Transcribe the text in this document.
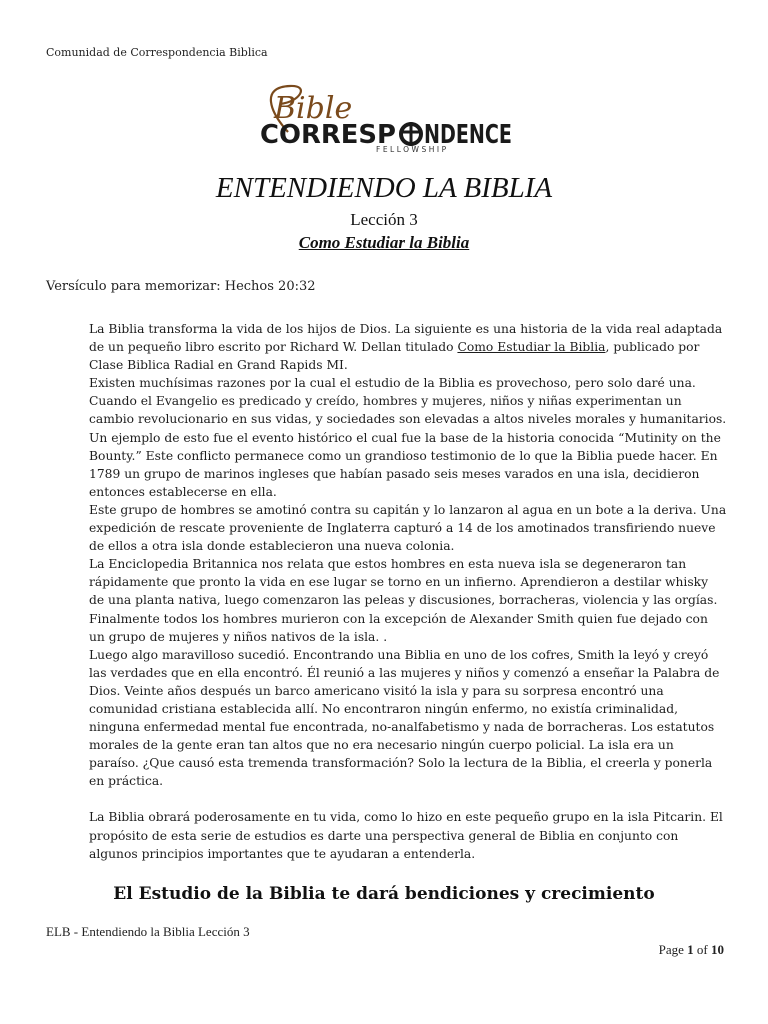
Comunidad de Correspondencia Biblica
Bible
CORRESP NDENCE
FELLOWSHIP
ENTENDIENDO LA BIBLIA
Lección 3
Como Estudiar la Biblia
Versículo para memorizar: Hechos 20:32

La Biblia transforma la vida de los hijos de Dios. La siguiente es una historia de la vida real adaptada de un pequeño libro escrito por Richard W. Dellan titulado Como Estudiar la Biblia, publicado por Clase Biblica Radial en Grand Rapids MI.

Existen muchísimas razones por la cual el estudio de la Biblia es provechoso, pero solo daré una. Cuando el Evangelio es predicado y creído, hombres y mujeres, niños y niñas experimentan un cambio revolucionario en sus vidas, y sociedades son elevadas a altos niveles morales y humanitarios. Un ejemplo de esto fue el evento histórico el cual fue la base de la historia conocida “Mutinity on the Bounty.” Este conflicto permanece como un grandioso testimonio de lo que la Biblia puede hacer. En 1789 un grupo de marinos ingleses que habían pasado seis meses varados en una isla, decidieron entonces establecerse en ella.

Este grupo de hombres se amotinó contra su capitán y lo lanzaron al agua en un bote a la deriva. Una expedición de rescate proveniente de Inglaterra capturó a 14 de los amotinados transfiriendo nueve de ellos a otra isla donde establecieron una nueva colonia.

La Enciclopedia Britannica nos relata que estos hombres en esta nueva isla se degeneraron tan rápidamente que pronto la vida en ese lugar se torno en un infierno. Aprendieron a destilar whisky de una planta nativa, luego comenzaron las peleas y discusiones, borracheras, violencia y las orgías. Finalmente todos los hombres murieron con la excepción de Alexander Smith quien fue dejado con un grupo de mujeres y niños nativos de la isla. .

Luego algo maravilloso sucedió. Encontrando una Biblia en uno de los cofres, Smith la leyó y creyó las verdades que en ella encontró. Él reunió a las mujeres y niños y comenzó a enseñar la Palabra de Dios. Veinte años después un barco americano visitó la isla y para su sorpresa encontró una comunidad cristiana establecida allí. No encontraron ningún enfermo, no existía criminalidad, ninguna enfermedad mental fue encontrada, no-analfabetismo y nada de borracheras. Los estatutos morales de la gente eran tan altos que no era necesario ningún cuerpo policial. La isla era un paraíso. ¿Que causó esta tremenda transformación? Solo la lectura de la Biblia, el creerla y ponerla en práctica.

La Biblia obrará poderosamente en tu vida, como lo hizo en este pequeño grupo en la isla Pitcarin. El propósito de esta serie de estudios es darte una perspectiva general de Biblia en conjunto con algunos principios importantes que te ayudaran a entenderla.

El Estudio de la Biblia te dará bendiciones y crecimiento
ELB - Entendiendo la Biblia Lección 3
Page 1 of 10
